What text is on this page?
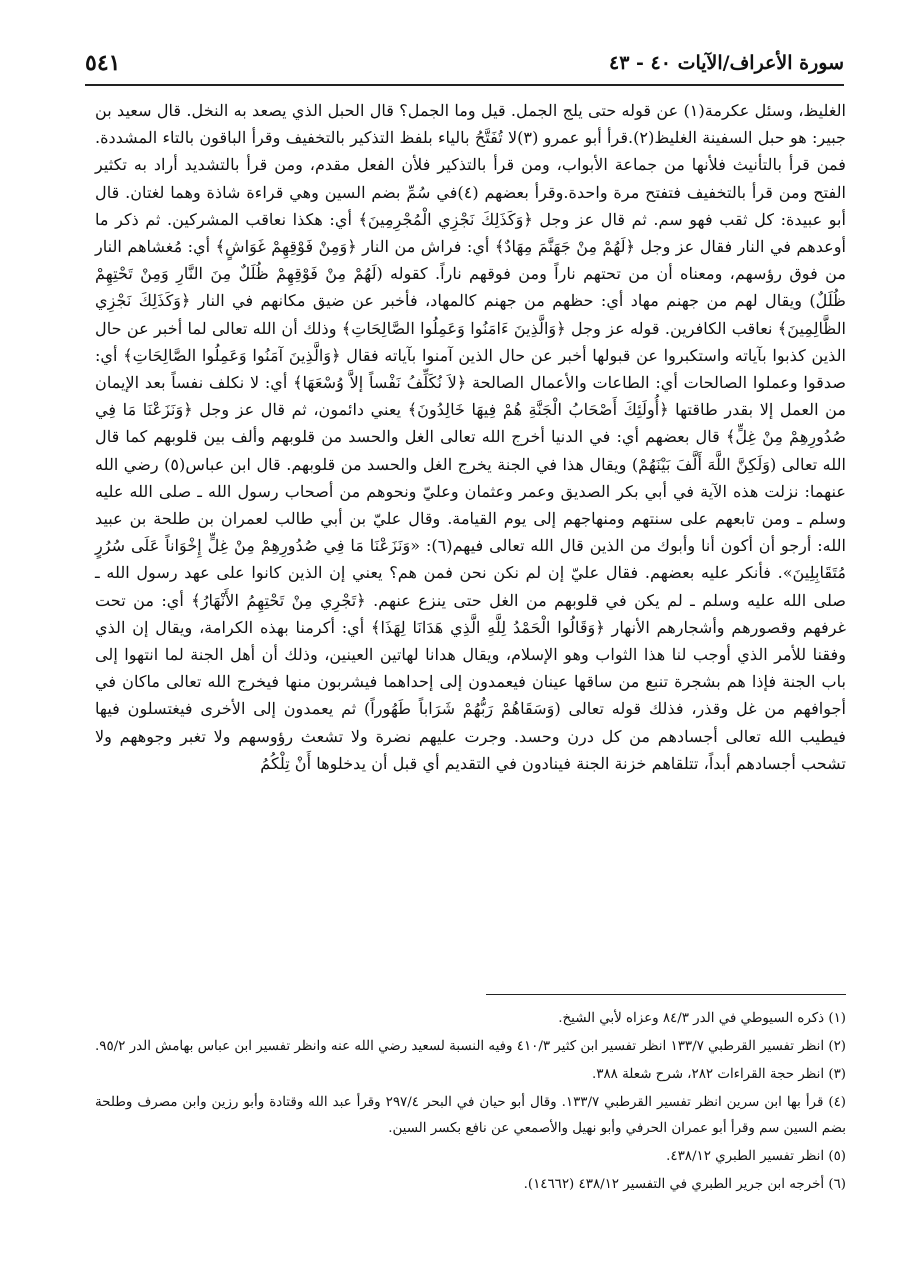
٥٤١	سورة الأعراف/الآيات ٤٠ - ٤٣

الغليظ، وسئل عكرمة(١) عن قوله حتى يلج الجمل. قيل وما الجمل؟ قال الحبل الذي يصعد به النخل. قال سعيد بن جبير: هو حبل السفينة الغليظ(٢).قرأ أبو عمرو (٣)لا تُفَتَّحُ بالياء بلفظ التذكير بالتخفيف وقرأ الباقون بالتاء المشددة. فمن قرأ بالتأنيث فلأنها من جماعة الأبواب، ومن قرأ بالتذكير فلأن الفعل مقدم، ومن قرأ بالتشديد أراد به تكثير الفتح ومن قرأ بالتخفيف فتفتح مرة واحدة.وقرأ بعضهم (٤)في سُمِّ بضم السين وهي قراءة شاذة وهما لغتان. قال أبو عبيدة: كل ثقب فهو سم. ثم قال عز وجل ﴿وَكَذَلِكَ نَجْزِي الْمُجْرِمِينَ﴾ أي: هكذا نعاقب المشركين. ثم ذكر ما أوعدهم في النار فقال عز وجل ﴿لَهُمْ مِنْ جَهَنَّمَ مِهَادٌ﴾ أي: فراش من النار ﴿وَمِنْ فَوْقِهِمْ غَوَاشٍ﴾ أي: مُغشاهم النار من فوق رؤسهم، ومعناه أن من تحتهم ناراً ومن فوقهم ناراً. كقوله (لَهُمْ مِنْ فَوْقِهِمْ ظُلَلٌ مِنَ النَّارِ وَمِنْ تَحْتِهِمْ ظُلَلٌ) ويقال لهم من جهنم مهاد أي: حظهم من جهنم كالمهاد، فأخبر عن ضيق مكانهم في النار ﴿وَكَذَلِكَ نَجْزِي الظَّالِمِينَ﴾ نعاقب الكافرين. قوله عز وجل ﴿وَالَّذِينَ ءَامَنُوا وَعَمِلُوا الصَّالِحَاتِ﴾ وذلك أن الله تعالى لما أخبر عن حال الذين كذبوا بآياته واستكبروا عن قبولها أخبر عن حال الذين آمنوا بآياته فقال ﴿وَالَّذِينَ آمَنُوا وَعَمِلُوا الصَّالِحَاتِ﴾ أي: صدقوا وعملوا الصالحات أي: الطاعات والأعمال الصالحة ﴿لاَ نُكَلِّفُ نَفْساً إلاَّ وُسْعَهَا﴾ أي: لا نكلف نفساً بعد الإيمان من العمل إلا بقدر طاقتها ﴿أُولَئِكَ أَصْحَابُ الْجَنَّةِ هُمْ فِيهَا خَالِدُونَ﴾ يعني دائمون، ثم قال عز وجل ﴿وَنَزَعْنَا مَا فِي صُدُورِهِمْ مِنْ غِلٍّ﴾ قال بعضهم أي: في الدنيا أخرج الله تعالى الغل والحسد من قلوبهم وألف بين قلوبهم كما قال الله تعالى (وَلَكِنَّ اللَّهَ أَلَّفَ بَيْنَهُمْ) ويقال هذا في الجنة يخرج الغل والحسد من قلوبهم. قال ابن عباس(٥) رضي الله عنهما: نزلت هذه الآية في أبي بكر الصديق وعمر وعثمان وعليّ ونحوهم من أصحاب رسول الله ـ صلى الله عليه وسلم ـ ومن تابعهم على سنتهم ومنهاجهم إلى يوم القيامة. وقال عليّ بن أبي طالب لعمران بن طلحة بن عبيد الله: أرجو أن أكون أنا وأبوك من الذين قال الله تعالى فيهم(٦): «وَنَزَعْنَا مَا فِي صُدُورِهِمْ مِنْ غِلٍّ إِخْوَاناً عَلَى سُرُرٍ مُتَقَابِلِينَ». فأنكر عليه بعضهم. فقال عليّ إن لم نكن نحن فمن هم؟ يعني إن الذين كانوا على عهد رسول الله ـ صلى الله عليه وسلم ـ لم يكن في قلوبهم من الغل حتى ينزع عنهم. ﴿تَجْرِي مِنْ تَحْتِهِمُ الأَنْهَارُ﴾ أي: من تحت غرفهم وقصورهم وأشجارهم الأنهار ﴿وَقَالُوا الْحَمْدُ لِلَّهِ الَّذِي هَدَانَا لِهَذَا﴾ أي: أكرمنا بهذه الكرامة، ويقال إن الذي وفقنا للأمر الذي أوجب لنا هذا الثواب وهو الإسلام، ويقال هدانا لهاتين العينين، وذلك أن أهل الجنة لما انتهوا إلى باب الجنة فإذا هم بشجرة تنبع من ساقها عينان فيعمدون إلى إحداهما فيشربون منها فيخرج الله تعالى ماكان في أجوافهم من غل وقذر، فذلك قوله تعالى (وَسَقَاهُمْ رَبُّهُمْ شَرَاباً طَهُوراً) ثم يعمدون إلى الأخرى فيغتسلون فيها فيطيب الله تعالى أجسادهم من كل درن وحسد. وجرت عليهم نضرة ولا تشعث رؤوسهم ولا تغبر وجوههم ولا تشحب أجسادهم أبداً، تتلقاهم خزنة الجنة فينادون في التقديم أي قبل أن يدخلوها أَنْ تِلْكُمُ

(١) ذكره السيوطي في الدر ٨٤/٣ وعزاه لأبي الشيخ.

(٢) انظر تفسير القرطبي ١٣٣/٧ انظر تفسير ابن كثير ٤١٠/٣ وفيه النسبة لسعيد رضي الله عنه وانظر تفسير ابن عباس بهامش الدر ٩٥/٢.

(٣) انظر حجة القراءات ٢٨٢، شرح شعلة ٣٨٨.

(٤) قرأ بها ابن سرين انظر تفسير القرطبي ١٣٣/٧. وقال أبو حيان في البحر ٢٩٧/٤ وقرأ عبد الله وقتادة وأبو رزين وابن مصرف وطلحة بضم السين سم وقرأ أبو عمران الحرفي وأبو نهيل والأصمعي عن نافع بكسر السين.

(٥) انظر تفسير الطبري ٤٣٨/١٢.

(٦) أخرجه ابن جرير الطبري في التفسير ٤٣٨/١٢ (١٤٦٦٢).
